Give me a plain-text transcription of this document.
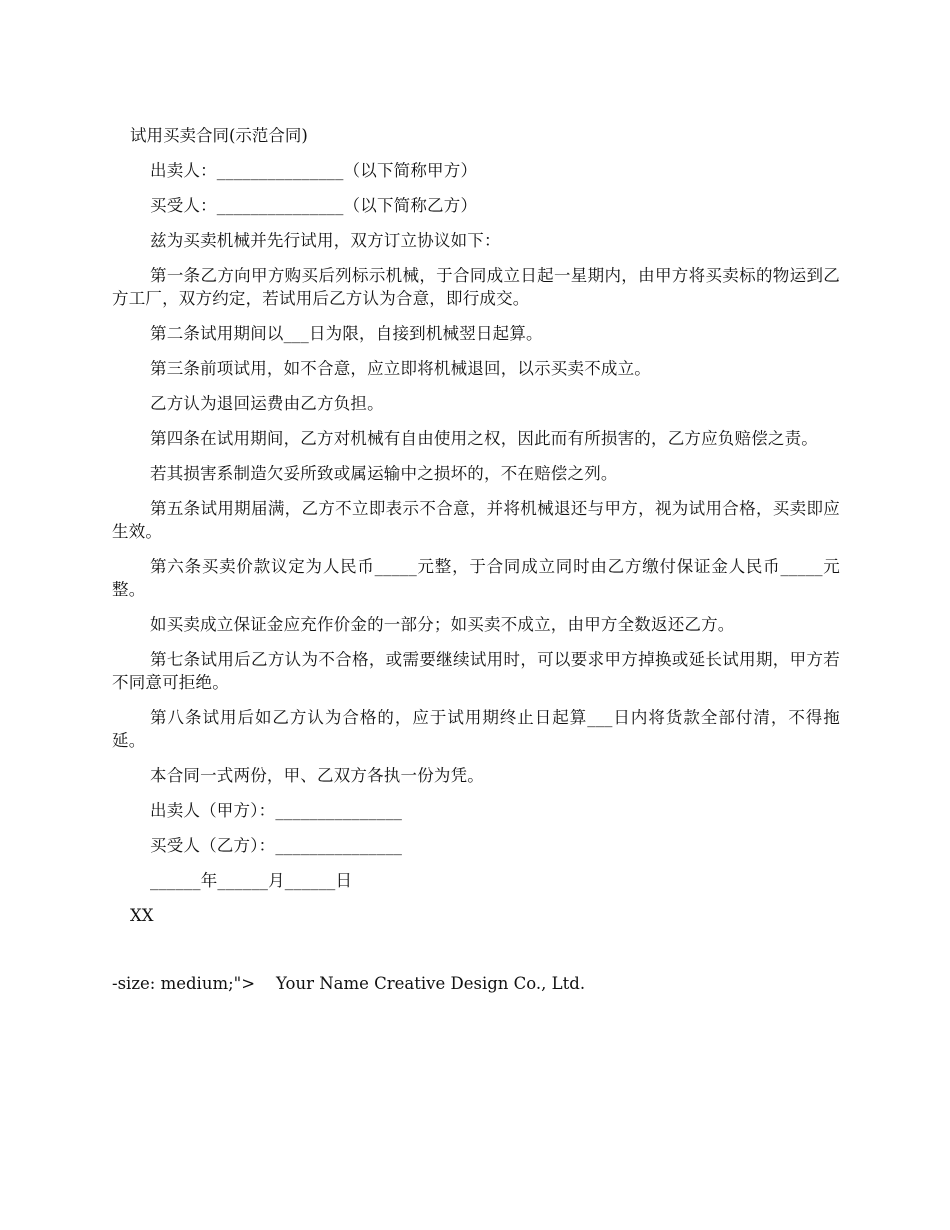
试用买卖合同(示范合同)

出卖人：_______________（以下简称甲方）

买受人：_______________（以下简称乙方）

兹为买卖机械并先行试用，双方订立协议如下：

第一条乙方向甲方购买后列标示机械，于合同成立日起一星期内，由甲方将买卖标的物运到乙方工厂，双方约定，若试用后乙方认为合意，即行成交。

第二条试用期间以___日为限，自接到机械翌日起算。

第三条前项试用，如不合意，应立即将机械退回，以示买卖不成立。

乙方认为退回运费由乙方负担。

第四条在试用期间，乙方对机械有自由使用之权，因此而有所损害的，乙方应负赔偿之责。

若其损害系制造欠妥所致或属运输中之损坏的，不在赔偿之列。

第五条试用期届满，乙方不立即表示不合意，并将机械退还与甲方，视为试用合格，买卖即应生效。

第六条买卖价款议定为人民币_____元整，于合同成立同时由乙方缴付保证金人民币_____元整。

如买卖成立保证金应充作价金的一部分；如买卖不成立，由甲方全数返还乙方。

第七条试用后乙方认为不合格，或需要继续试用时，可以要求甲方掉换或延长试用期，甲方若不同意可拒绝。

第八条试用后如乙方认为合格的，应于试用期终止日起算___日内将货款全部付清，不得拖延。

本合同一式两份，甲、乙双方各执一份为凭。

出卖人（甲方）：_______________

买受人（乙方）：_______________

______年______月______日

XX

-size: medium;">    Your Name Creative Design Co., Ltd.
